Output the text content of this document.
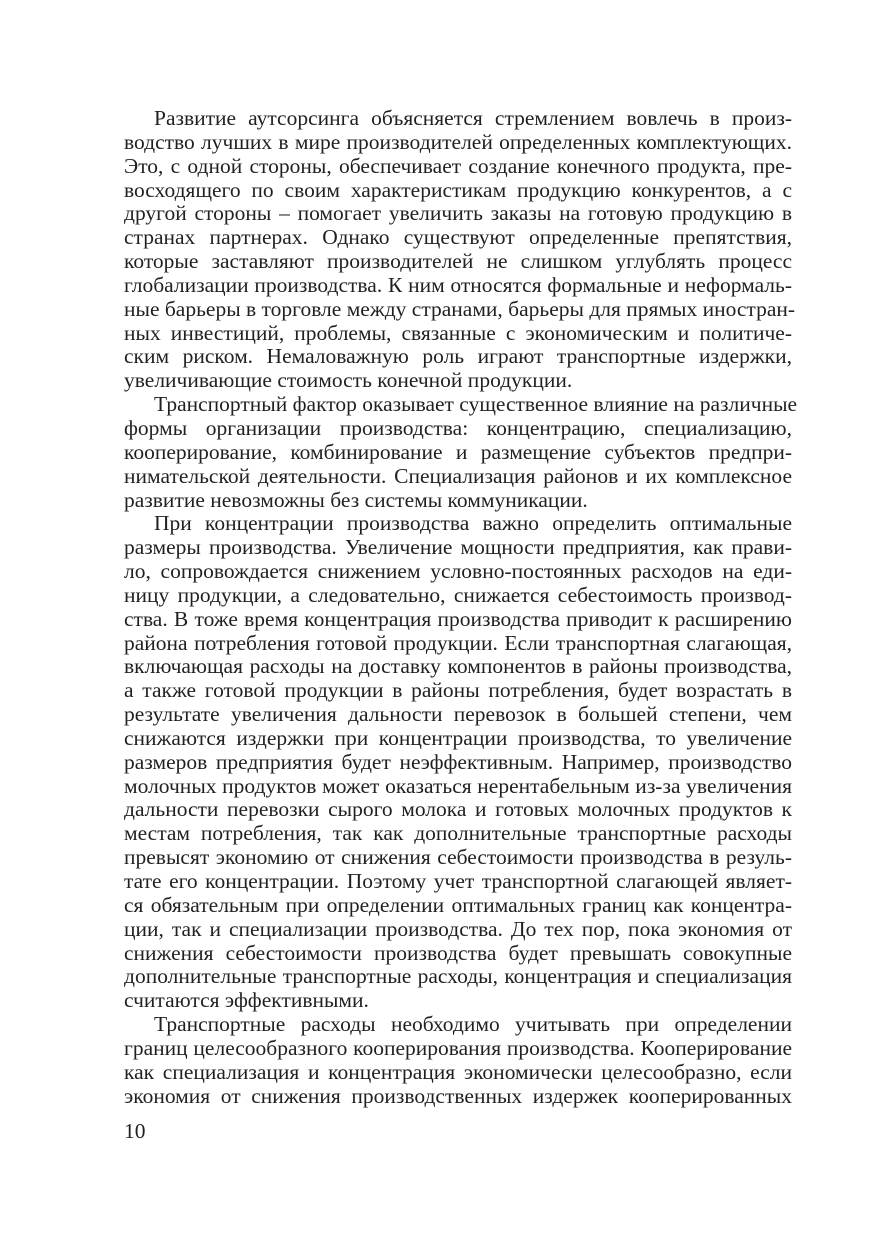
Развитие аутсорсинга объясняется стремлением вовлечь в произ-
водство лучших в мире производителей определенных комплектующих.
Это, с одной стороны, обеспечивает создание конечного продукта, пре-
восходящего по своим характеристикам продукцию конкурентов, а с
другой стороны – помогает увеличить заказы на готовую продукцию в
странах партнерах. Однако существуют определенные препятствия,
которые заставляют производителей не слишком углублять процесс
глобализации производства. К ним относятся формальные и неформаль-
ные барьеры в торговле между странами, барьеры для прямых иностран-
ных инвестиций, проблемы, связанные с экономическим и политиче-
ским риском. Немаловажную роль играют транспортные издержки,
увеличивающие стоимость конечной продукции.
Транспортный фактор оказывает существенное влияние на различные
формы организации производства: концентрацию, специализацию,
кооперирование, комбинирование и размещение субъектов предпри-
нимательской деятельности. Специализация районов и их комплексное
развитие невозможны без системы коммуникации.
При концентрации производства важно определить оптимальные
размеры производства. Увеличение мощности предприятия, как прави-
ло, сопровождается снижением условно-постоянных расходов на еди-
ницу продукции, а следовательно, снижается себестоимость производ-
ства. В тоже время концентрация производства приводит к расширению
района потребления готовой продукции. Если транспортная слагающая,
включающая расходы на доставку компонентов в районы производства,
а также готовой продукции в районы потребления, будет возрастать в
результате увеличения дальности перевозок в большей степени, чем
снижаются издержки при концентрации производства, то увеличение
размеров предприятия будет неэффективным. Например, производство
молочных продуктов может оказаться нерентабельным из-за увеличения
дальности перевозки сырого молока и готовых молочных продуктов к
местам потребления, так как дополнительные транспортные расходы
превысят экономию от снижения себестоимости производства в резуль-
тате его концентрации. Поэтому учет транспортной слагающей являет-
ся обязательным при определении оптимальных границ как концентра-
ции, так и специализации производства. До тех пор, пока экономия от
снижения себестоимости производства будет превышать совокупные
дополнительные транспортные расходы, концентрация и специализация
считаются эффективными.
Транспортные расходы необходимо учитывать при определении
границ целесообразного кооперирования производства. Кооперирование
как специализация и концентрация экономически целесообразно, если
экономия от снижения производственных издержек кооперированных
10
